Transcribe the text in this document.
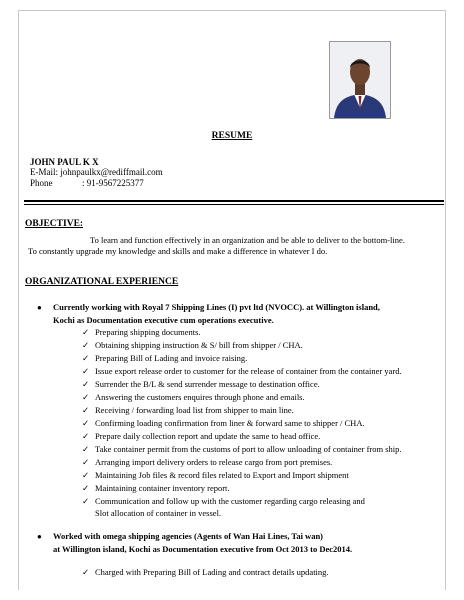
RESUME
JOHN PAUL K X
E-Mail: johnpaulkx@rediffmail.com
Phone	: 91-9567225377
OBJECTIVE:
To learn and function effectively in an organization and be able to deliver to the bottom-line.
To constantly upgrade my knowledge and skills and make a difference in whatever I do.
ORGANIZATIONAL EXPERIENCE
● Currently working with Royal 7 Shipping Lines (I) pvt ltd (NVOCC). at Willington island,
Kochi as Documentation executive cum operations executive.
✓ Preparing shipping documents.
✓ Obtaining shipping instruction & S/ bill from shipper / CHA.
✓ Preparing Bill of Lading and invoice raising.
✓ Issue export release order to customer for the release of container from the container yard.
✓ Surrender the B/L & send surrender message to destination office.
✓ Answering the customers enquires through phone and emails.
✓ Receiving / forwarding load list from shipper to main line.
✓ Confirming loading confirmation from liner & forward same to shipper / CHA.
✓ Prepare daily collection report and update the same to head office.
✓ Take container permit from the customs of port to allow unloading of container from ship.
✓ Arranging import delivery orders to release cargo from port premises.
✓ Maintaining Job files & record files related to Export and Import shipment
✓ Maintaining container inventory report.
✓ Communication and follow up with the customer regarding cargo releasing and
Slot allocation of container in vessel.
● Worked with omega shipping agencies (Agents of Wan Hai Lines, Tai wan)
at Willington island, Kochi as Documentation executive from Oct 2013 to Dec2014.
✓ Charged with Preparing Bill of Lading and contract details updating.
